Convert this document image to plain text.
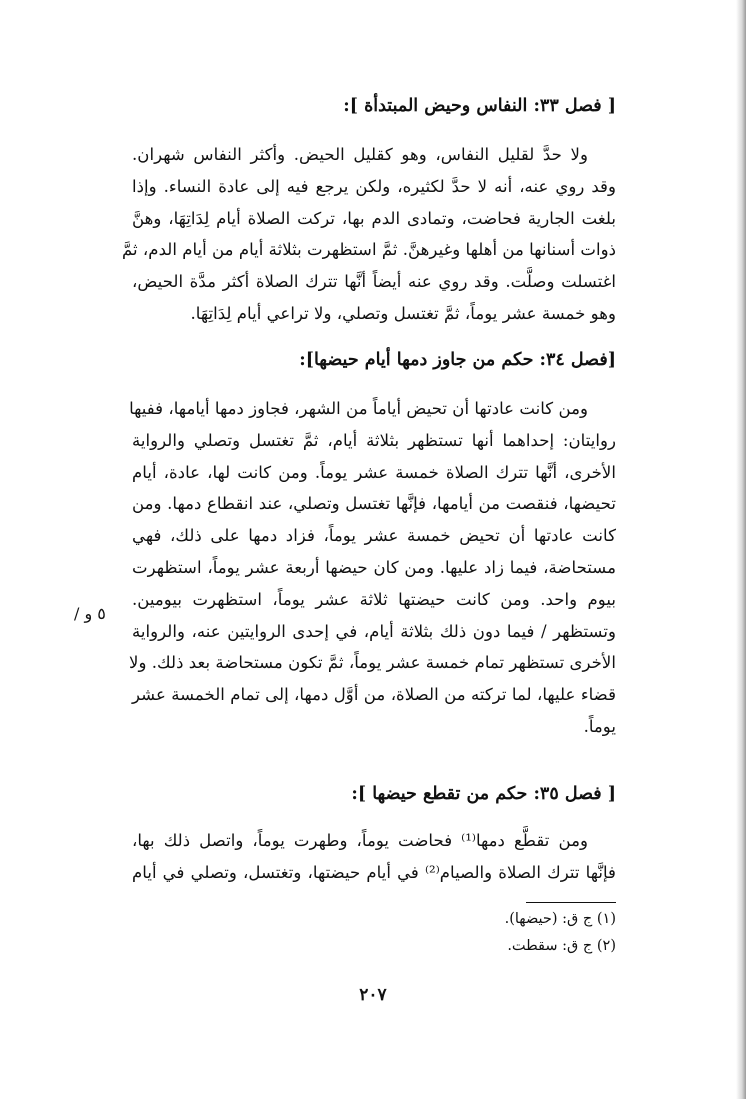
[ فصل ٣٣: النفاس وحيض المبتدأة ]:
ولا حدَّ لقليل النفاس، وهو كقليل الحيض. وأكثر النفاس شهران.
وقد روي عنه، أنه لا حدَّ لكثيره، ولكن يرجع فيه إلى عادة النساء. وإذا
بلغت الجارية فحاضت، وتمادى الدم بها، تركت الصلاة أيام لِدَاتِهَا، وهنَّ
ذوات أسنانها من أهلها وغيرهنَّ. ثمَّ استظهرت بثلاثة أيام من أيام الدم، ثمَّ
اغتسلت وصلَّت. وقد روي عنه أيضاً أنَّها تترك الصلاة أكثر مدَّة الحيض،
وهو خمسة عشر يوماً، ثمَّ تغتسل وتصلي، ولا تراعي أيام لِدَاتِهَا.
[فصل ٣٤: حكم من جاوز دمها أيام حيضها]:
ومن كانت عادتها أن تحيض أياماً من الشهر، فجاوز دمها أيامها، ففيها
روايتان: إحداهما أنها تستظهر بثلاثة أيام، ثمَّ تغتسل وتصلي والرواية
الأخرى، أنَّها تترك الصلاة خمسة عشر يوماً. ومن كانت لها، عادة، أيام
تحيضها، فنقصت من أيامها، فإنَّها تغتسل وتصلي، عند انقطاع دمها. ومن
كانت عادتها أن تحيض خمسة عشر يوماً، فزاد دمها على ذلك، فهي
مستحاضة، فيما زاد عليها. ومن كان حيضها أربعة عشر يوماً، استظهرت
بيوم واحد. ومن كانت حيضتها ثلاثة عشر يوماً، استظهرت بيومين.
وتستظهر / فيما دون ذلك بثلاثة أيام، في إحدى الروايتين عنه، والرواية
الأخرى تستظهر تمام خمسة عشر يوماً، ثمَّ تكون مستحاضة بعد ذلك. ولا
قضاء عليها، لما تركته من الصلاة، من أوَّل دمها، إلى تمام الخمسة عشر
يوماً.
/ ٥ و
[ فصل ٣٥: حكم من تقطع حيضها ]:
ومن تقطَّع دمها⁽¹⁾ فحاضت يوماً، وطهرت يوماً، واتصل ذلك بها،
فإنَّها تترك الصلاة والصيام⁽²⁾ في أيام حيضتها، وتغتسل، وتصلي في أيام
(١) ج ق: (حيضها).
(٢) ج ق: سقطت.
٢٠٧
